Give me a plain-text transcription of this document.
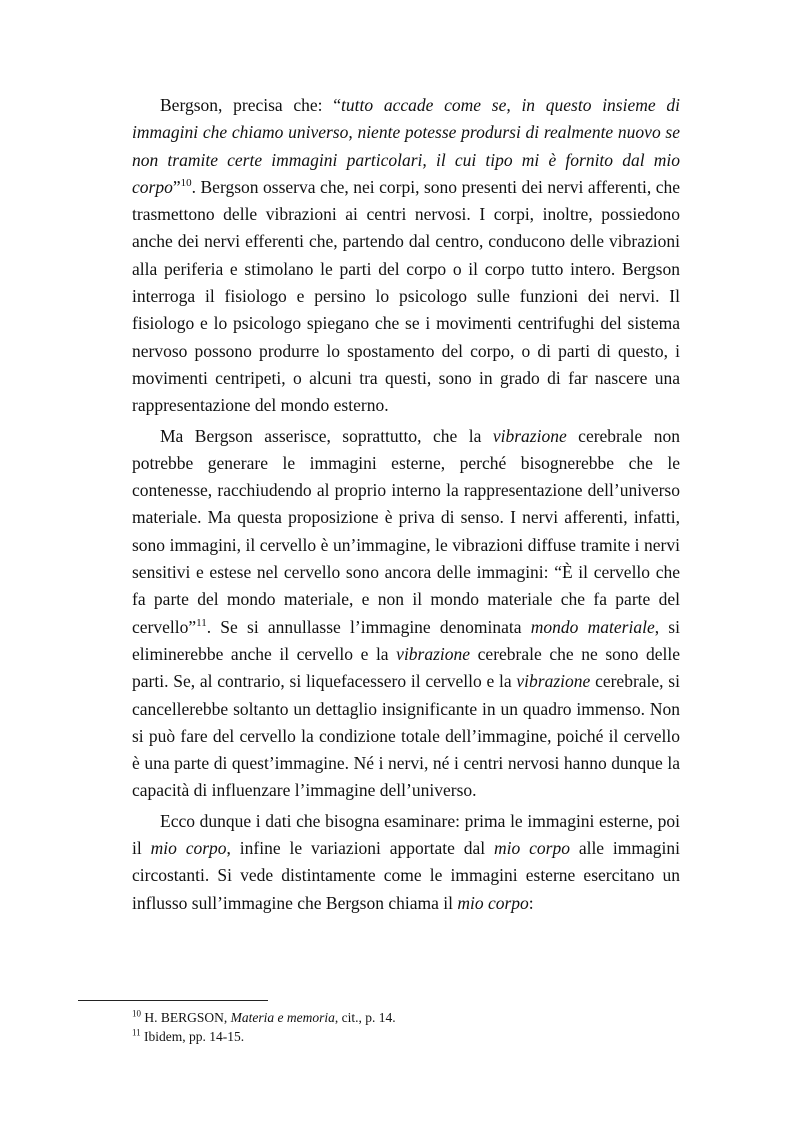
Bergson, precisa che: “tutto accade come se, in questo insieme di immagini che chiamo universo, niente potesse prodursi di realmente nuovo se non tramite certe immagini particolari, il cui tipo mi è fornito dal mio corpo”$^{10}$. Bergson osserva che, nei corpi, sono presenti dei nervi afferenti, che trasmettono delle vibrazioni ai centri nervosi. I corpi, inoltre, possiedono anche dei nervi efferenti che, partendo dal centro, conducono delle vibrazioni alla periferia e stimolano le parti del corpo o il corpo tutto intero. Bergson interroga il fisiologo e persino lo psicologo sulle funzioni dei nervi. Il fisiologo e lo psicologo spiegano che se i movimenti centrifughi del sistema nervoso possono produrre lo spostamento del corpo, o di parti di questo, i movimenti centripeti, o alcuni tra questi, sono in grado di far nascere una rappresentazione del mondo esterno.

Ma Bergson asserisce, soprattutto, che la vibrazione cerebrale non potrebbe generare le immagini esterne, perché bisognerebbe che le contenesse, racchiudendo al proprio interno la rappresentazione dell’universo materiale. Ma questa proposizione è priva di senso. I nervi afferenti, infatti, sono immagini, il cervello è un’immagine, le vibrazioni diffuse tramite i nervi sensitivi e estese nel cervello sono ancora delle immagini: “È il cervello che fa parte del mondo materiale, e non il mondo materiale che fa parte del cervello”$^{11}$. Se si annullasse l’immagine denominata mondo materiale, si eliminerebbe anche il cervello e la vibrazione cerebrale che ne sono delle parti. Se, al contrario, si liquefacessero il cervello e la vibrazione cerebrale, si cancellerebbe soltanto un dettaglio insignificante in un quadro immenso. Non si può fare del cervello la condizione totale dell’immagine, poiché il cervello è una parte di quest’immagine. Né i nervi, né i centri nervosi hanno dunque la capacità di influenzare l’immagine dell’universo.

Ecco dunque i dati che bisogna esaminare: prima le immagini esterne, poi il mio corpo, infine le variazioni apportate dal mio corpo alle immagini circostanti. Si vede distintamente come le immagini esterne esercitano un influsso sull’immagine che Bergson chiama il mio corpo:

$^{10}$ H. BERGSON, Materia e memoria, cit., p. 14.

$^{11}$ Ibidem, pp. 14-15.
